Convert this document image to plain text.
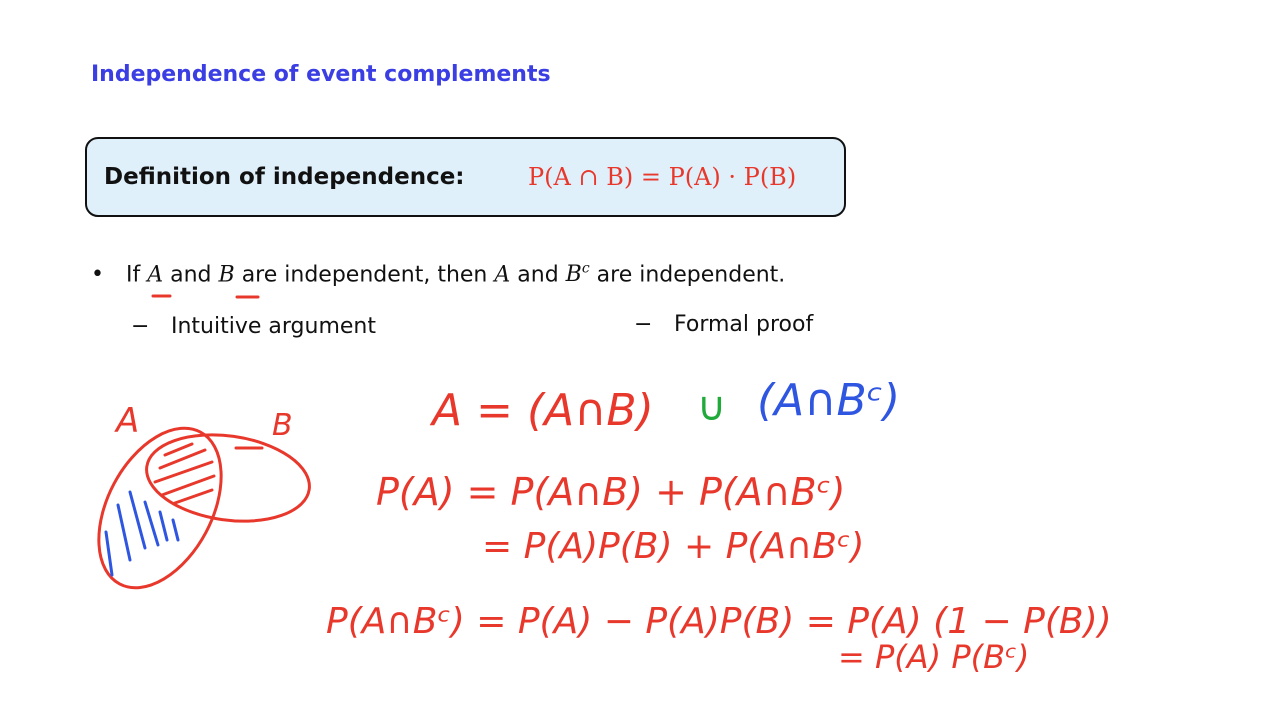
Independence of event complements
Definition of independence:	P(A ∩ B) = P(A) · P(B)
• If A and B are independent, then A and $B^c$ are independent.
− Intuitive argument	− Formal proof
A	B	A = (A∩B) ∪ (A∩Bᶜ)
P(A) = P(A∩B) + P(A∩Bᶜ)
= P(A)P(B) + P(A∩Bᶜ)
P(A∩Bᶜ) = P(A) − P(A)P(B) = P(A) (1 − P(B))
= P(A) P(Bᶜ)
